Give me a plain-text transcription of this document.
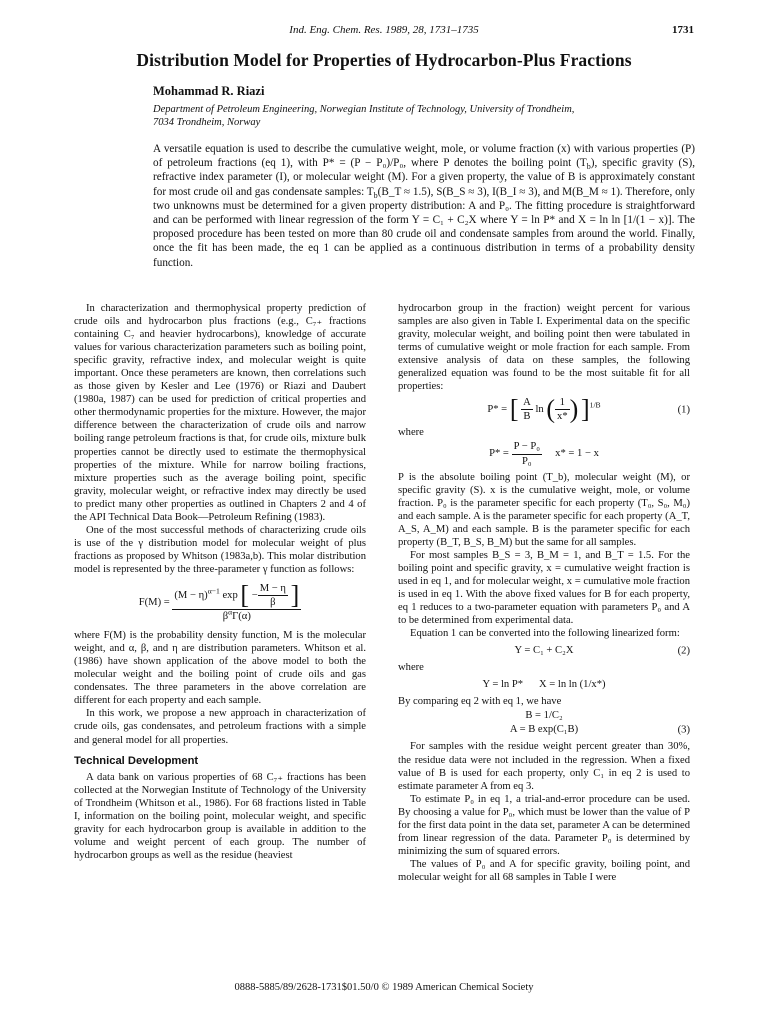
Ind. Eng. Chem. Res. 1989, 28, 1731–1735	1731
Distribution Model for Properties of Hydrocarbon-Plus Fractions
Mohammad R. Riazi
Department of Petroleum Engineering, Norwegian Institute of Technology, University of Trondheim,
7034 Trondheim, Norway
A versatile equation is used to describe the cumulative weight, mole, or volume fraction (x) with various properties (P) of petroleum fractions (eq 1), with P* = (P − P₀)/P₀, where P denotes the boiling point $(T_b)$, specific gravity (S), refractive index parameter (I), or molecular weight (M). For a given property, the value of B is approximately constant for most crude oil and gas condensate samples: $T_b(B\_T \approx 1.5)$, S(B_S ≈ 3), I(B_I ≈ 3), and M(B_M ≈ 1). Therefore, only two unknowns must be determined for a given property distribution: A and P₀. The fitting procedure is straightforward and can be performed with linear regression of the form Y = C₁ + C₂X where Y = ln P* and X = ln ln [1/(1 − x)]. The proposed procedure has been tested on more than 80 crude oil and condensate samples from around the world. Finally, once the fit has been made, the eq 1 can be applied as a continuous distribution in terms of a probability density function.

In characterization and thermophysical property prediction of crude oils and hydrocarbon plus fractions (e.g., C₇₊ fractions containing C₇ and heavier hydrocarbons), knowledge of accurate values for various characterization parameters such as boiling point, specific gravity, refractive index, and molecular weight is quite important. Once these perameters are known, then correlations such as those given by Kesler and Lee (1976) or Riazi and Daubert (1980a, 1987) can be used for prediction of critical properties and other thermodynamic properties for the mixture. However, the major difference between the characterization of crude oils and narrow boiling range petroleum fractions is that, for crude oils, mixture bulk properties cannot be directly used to estimate the thermophysical properties of the mixture. While for narrow boiling fractions, mixture properties such as the average boiling point, specific gravity, molecular weight, or refractive index may directly be used to predict many other properties as outlined in Chapters 2 and 4 of the API Technical Data Book—Petroleum Refining (1983).

One of the most successful methods of characterizing crude oils is use of the γ distribution model for molecular weight of plus fractions as proposed by Whitson (1983a,b). This molar distribution model is represented by the three-parameter γ function as follows:

F(M) =
$(M - \eta)^{\alpha-1}$ exp [ − $\frac{M - \eta}{\beta}$ ]
$\beta^\alpha\Gamma(\alpha)$

where F(M) is the probability density function, M is the molecular weight, and α, β, and η are distribution parameters. Whitson et al. (1986) have shown application of the above model to both the molecular weight and the boiling point of crude oils and gas condensates. The three parameters in the above correlation are different for each property and each sample.

In this work, we propose a new approach in characterization of crude oils, gas condensates, and petroleum fractions with a simple and general model for all properties.

Technical Development

A data bank on various properties of 68 C₇₊ fractions has been collected at the Norwegian Institute of Technology of the University of Trondheim (Whitson et al., 1986). For 68 fractions listed in Table I, information on the boiling point, molecular weight, and specific gravity for each hydrocarbon group is available in addition to the volume and weight percent of each group. The number of hydrocarbon groups as well as the residue (heaviest

hydrocarbon group in the fraction) weight percent for various samples are also given in Table I. Experimental data on the specific gravity, molecular weight, and boiling point then were tabulated in terms of cumulative weight or mole fraction for each sample. From extensive analysis of data on these samples, the following generalized equation was found to be the most suitable fit for all properties:

P* = [ $\frac{A}{B}$ ln ( $\frac{1}{x*}$ ) ]$^{1/B}$	(1)

where

$P* = \frac{\text{P − P₀}}{\text{P₀}} x* = 1 - x$

P is the absolute boiling point (T_b), molecular weight (M), or specific gravity (S). x is the cumulative weight, mole, or volume fraction. P₀ is the parameter specific for each property (T₀, S₀, M₀) and each sample. A is the parameter specific for each property (A_T, A_S, A_M) and each sample. B is the parameter specific for each property (B_T, B_S, B_M) but the same for all samples.

For most samples B_S = 3, B_M = 1, and B_T = 1.5. For the boiling point and specific gravity, x = cumulative weight fraction is used in eq 1, and for molecular weight, x = cumulative mole fraction is used in eq 1. With the above fixed values for B for each property, eq 1 reduces to a two-parameter equation with parameters P₀ and A to be determined from experimental data.

Equation 1 can be converted into the following linearized form:

Y = C₁ + C₂X	(2)

where

Y = ln P*      X = ln ln (1/x*)

By comparing eq 2 with eq 1, we have

B = 1/C₂
A = B exp(C₁B)	(3)

For samples with the residue weight percent greater than 30%, the residue data were not included in the regression. When a fixed value of B is used for each property, only C₁ in eq 2 is used to estimate parameter A from eq 3.

To estimate P₀ in eq 1, a trial-and-error procedure can be used. By choosing a value for P₀, which must be lower than the value of P for the first data point in the data set, parameter A can be determined from linear regression of the data. Parameter P₀ is determined by minimizing the sum of squared errors.

The values of P₀ and A for specific gravity, boiling point, and molecular weight for all 68 samples in Table I were

0888-5885/89/2628-1731$01.50/0 © 1989 American Chemical Society
